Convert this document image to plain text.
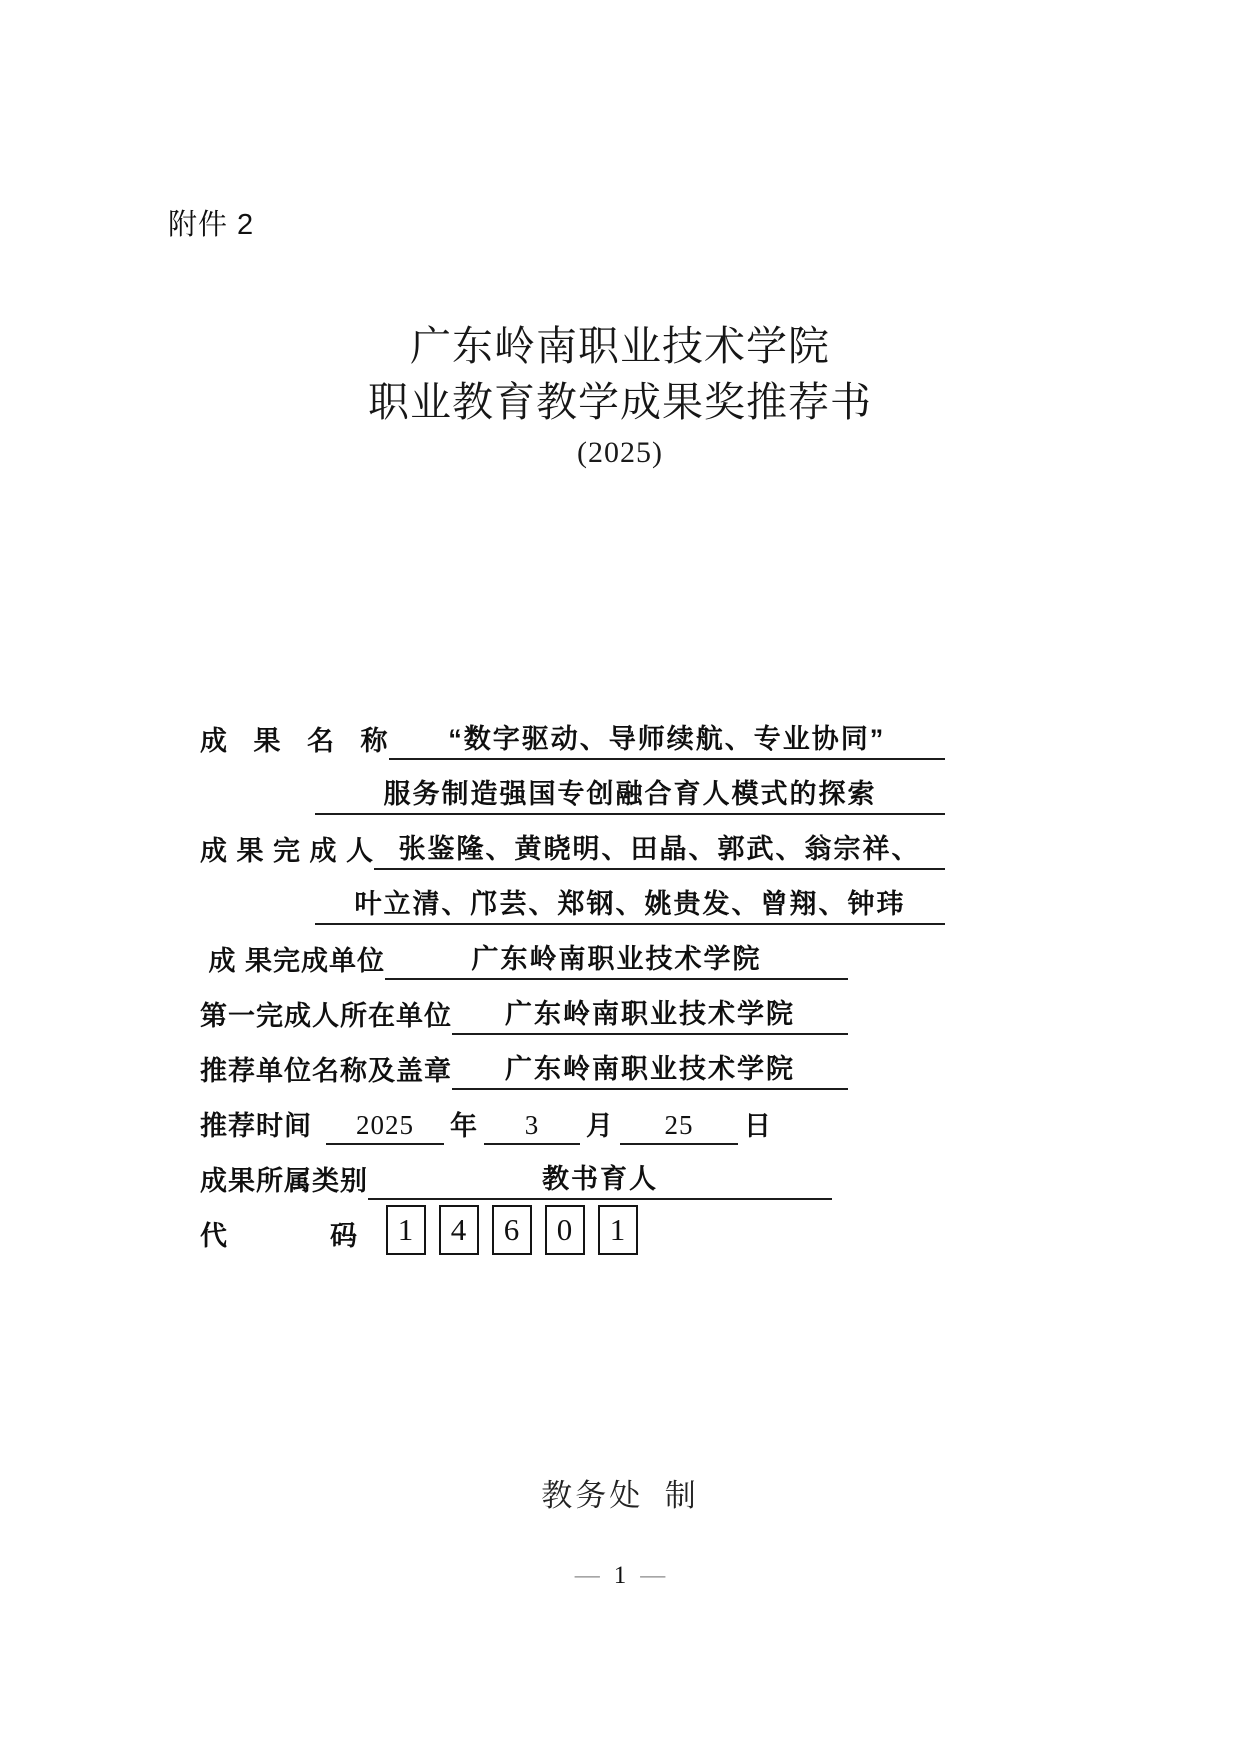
附件 2
广东岭南职业技术学院
职业教育教学成果奖推荐书
(2025)
成   果   名   称	“数字驱动、导师续航、专业协同”
服务制造强国专创融合育人模式的探索
成 果 完 成 人 张鉴隆、黄晓明、田晶、郭武、翁宗祥、
叶立清、邝芸、郑钢、姚贵发、曾翔、钟玮
成 果完成单位	广东岭南职业技术学院
第一完成人所在单位	广东岭南职业技术学院
推荐单位名称及盖章	广东岭南职业技术学院
推荐时间	2025	年	3	月	25	日
成果所属类别	教书育人
代            码	1	4	6	0	1
教务处  制
— 1 —
